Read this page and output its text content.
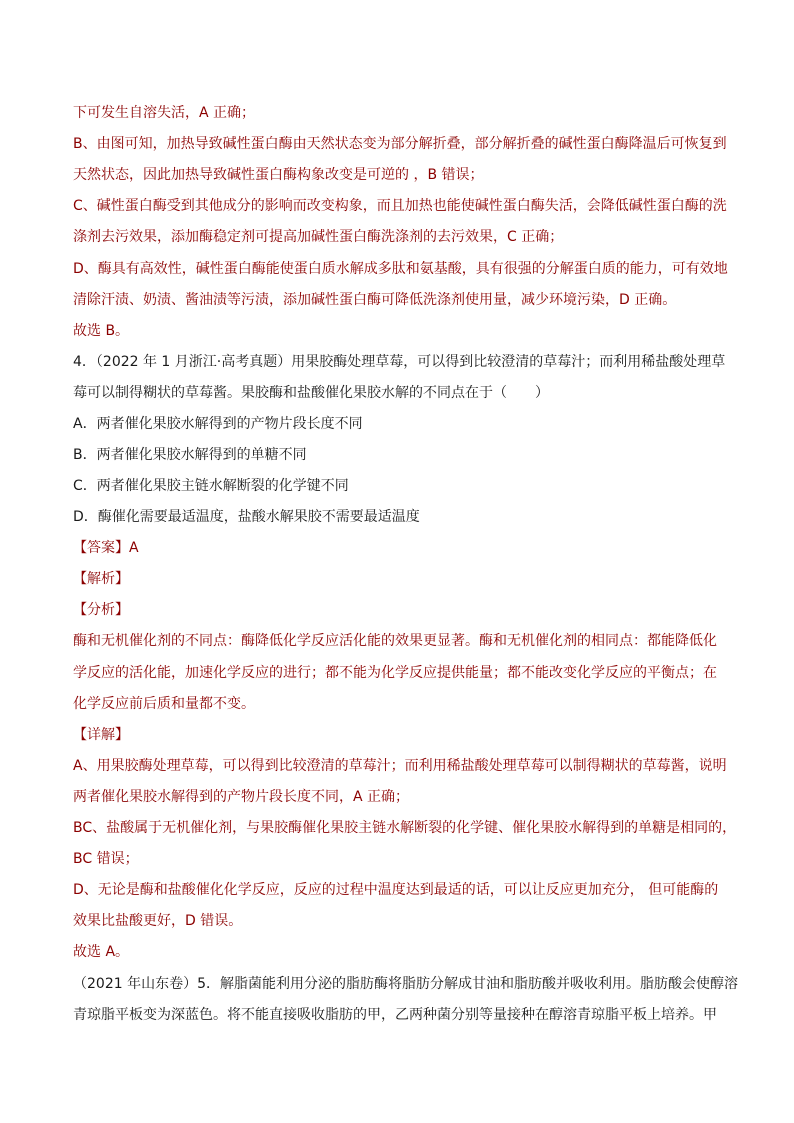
下可发生自溶失活，A 正确；
B、由图可知，加热导致碱性蛋白酶由天然状态变为部分解折叠，部分解折叠的碱性蛋白酶降温后可恢复到
天然状态，因此加热导致碱性蛋白酶构象改变是可逆的 ，B 错误；
C、碱性蛋白酶受到其他成分的影响而改变构象，而且加热也能使碱性蛋白酶失活，会降低碱性蛋白酶的洗
涤剂去污效果，添加酶稳定剂可提高加碱性蛋白酶洗涤剂的去污效果，C 正确；
D、酶具有高效性，碱性蛋白酶能使蛋白质水解成多肽和氨基酸，具有很强的分解蛋白质的能力，可有效地
清除汗渍、奶渍、酱油渍等污渍，添加碱性蛋白酶可降低洗涤剂使用量，减少环境污染，D 正确。
故选 B。
4．（2022 年 1 月浙江·高考真题）用果胶酶处理草莓，可以得到比较澄清的草莓汁；而利用稀盐酸处理草
莓可以制得糊状的草莓酱。果胶酶和盐酸催化果胶水解的不同点在于（　　）
A．两者催化果胶水解得到的产物片段长度不同
B．两者催化果胶水解得到的单糖不同
C．两者催化果胶主链水解断裂的化学键不同
D．酶催化需要最适温度，盐酸水解果胶不需要最适温度
【答案】A
【解析】
【分析】
酶和无机催化剂的不同点：酶降低化学反应活化能的效果更显著。酶和无机催化剂的相同点：都能降低化
学反应的活化能，加速化学反应的进行；都不能为化学反应提供能量；都不能改变化学反应的平衡点；在
化学反应前后质和量都不变。
【详解】
A、用果胶酶处理草莓，可以得到比较澄清的草莓汁；而利用稀盐酸处理草莓可以制得糊状的草莓酱，说明
两者催化果胶水解得到的产物片段长度不同，A 正确；
BC、盐酸属于无机催化剂，与果胶酶催化果胶主链水解断裂的化学键、催化果胶水解得到的单糖是相同的，
BC 错误；
D、无论是酶和盐酸催化化学反应，反应的过程中温度达到最适的话，可以让反应更加充分， 但可能酶的
效果比盐酸更好，D 错误。
故选 A。
（2021 年山东卷）5．解脂菌能利用分泌的脂肪酶将脂肪分解成甘油和脂肪酸并吸收利用。脂肪酸会使醇溶
青琼脂平板变为深蓝色。将不能直接吸收脂肪的甲，乙两种菌分别等量接种在醇溶青琼脂平板上培养。甲
